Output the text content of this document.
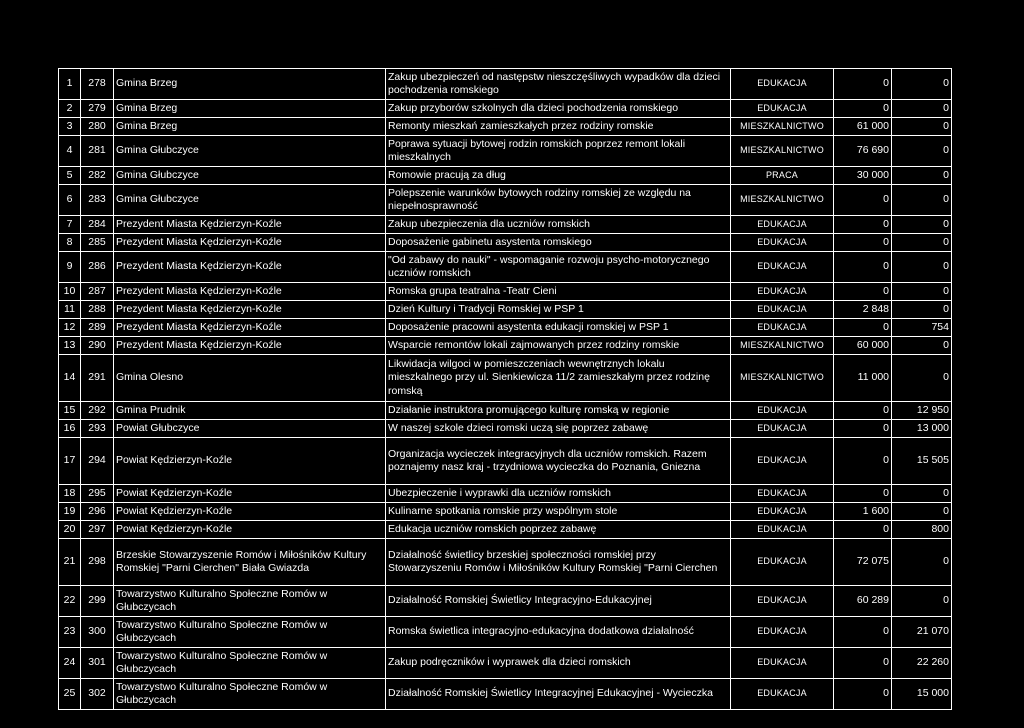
1	278	Gmina Brzeg	Zakup ubezpieczeń od następstw nieszczęśliwych wypadków dla dzieci pochodzenia romskiego	EDUKACJA	0	0
2	279	Gmina Brzeg	Zakup przyborów szkolnych dla dzieci pochodzenia romskiego	EDUKACJA	0	0
3	280	Gmina Brzeg	Remonty mieszkań zamieszkałych przez rodziny romskie	MIESZKALNICTWO	61 000	0
4	281	Gmina Głubczyce	Poprawa sytuacji bytowej rodzin romskich poprzez remont lokali mieszkalnych	MIESZKALNICTWO	76 690	0
5	282	Gmina Głubczyce	Romowie pracują za dług	PRACA	30 000	0
6	283	Gmina Głubczyce	Polepszenie warunków bytowych rodziny romskiej ze względu na niepełnosprawność	MIESZKALNICTWO	0	0
7	284	Prezydent Miasta Kędzierzyn-Koźle	Zakup ubezpieczenia dla uczniów romskich	EDUKACJA	0	0
8	285	Prezydent Miasta Kędzierzyn-Koźle	Doposażenie gabinetu asystenta romskiego	EDUKACJA	0	0
9	286	Prezydent Miasta Kędzierzyn-Koźle	"Od zabawy do nauki" - wspomaganie rozwoju psycho-motorycznego uczniów romskich	EDUKACJA	0	0
10	287	Prezydent Miasta Kędzierzyn-Koźle	Romska grupa teatralna -Teatr Cieni	EDUKACJA	0	0
11	288	Prezydent Miasta Kędzierzyn-Koźle	Dzień Kultury i Tradycji Romskiej w PSP 1	EDUKACJA	2 848	0
12	289	Prezydent Miasta Kędzierzyn-Koźle	Doposażenie pracowni asystenta edukacji romskiej w PSP 1	EDUKACJA	0	754
13	290	Prezydent Miasta Kędzierzyn-Koźle	Wsparcie remontów lokali zajmowanych przez rodziny romskie	MIESZKALNICTWO	60 000	0
14	291	Gmina Olesno	Likwidacja wilgoci w pomieszczeniach wewnętrznych lokalu mieszkalnego przy ul. Sienkiewicza 11/2 zamieszkałym przez rodzinę romską	MIESZKALNICTWO	11 000	0
15	292	Gmina Prudnik	Działanie instruktora promującego kulturę romską w regionie	EDUKACJA	0	12 950
16	293	Powiat Głubczyce	W naszej szkole dzieci romski uczą się poprzez zabawę	EDUKACJA	0	13 000
17	294	Powiat Kędzierzyn-Koźle	Organizacja wycieczek integracyjnych dla uczniów romskich. Razem poznajemy nasz kraj - trzydniowa wycieczka do Poznania, Gniezna	EDUKACJA	0	15 505
18	295	Powiat Kędzierzyn-Koźle	Ubezpieczenie i wyprawki dla uczniów romskich	EDUKACJA	0	0
19	296	Powiat Kędzierzyn-Koźle	Kulinarne spotkania romskie przy wspólnym stole	EDUKACJA	1 600	0
20	297	Powiat Kędzierzyn-Koźle	Edukacja uczniów romskich poprzez zabawę	EDUKACJA	0	800
21	298	Brzeskie Stowarzyszenie Romów i Miłośników Kultury Romskiej "Parni Cierchen" Biała Gwiazda	Działalność świetlicy brzeskiej społeczności romskiej przy Stowarzyszeniu Romów i Miłośników Kultury Romskiej "Parni Cierchen	EDUKACJA	72 075	0
22	299	Towarzystwo Kulturalno Społeczne Romów w Głubczycach	Działalność Romskiej Świetlicy Integracyjno-Edukacyjnej	EDUKACJA	60 289	0
23	300	Towarzystwo Kulturalno Społeczne Romów w Głubczycach	Romska świetlica integracyjno-edukacyjna dodatkowa działalność	EDUKACJA	0	21 070
24	301	Towarzystwo Kulturalno Społeczne Romów w Głubczycach	Zakup podręczników i wyprawek dla dzieci romskich	EDUKACJA	0	22 260
25	302	Towarzystwo Kulturalno Społeczne Romów w Głubczycach	Działalność Romskiej Świetlicy Integracyjnej Edukacyjnej - Wycieczka	EDUKACJA	0	15 000
